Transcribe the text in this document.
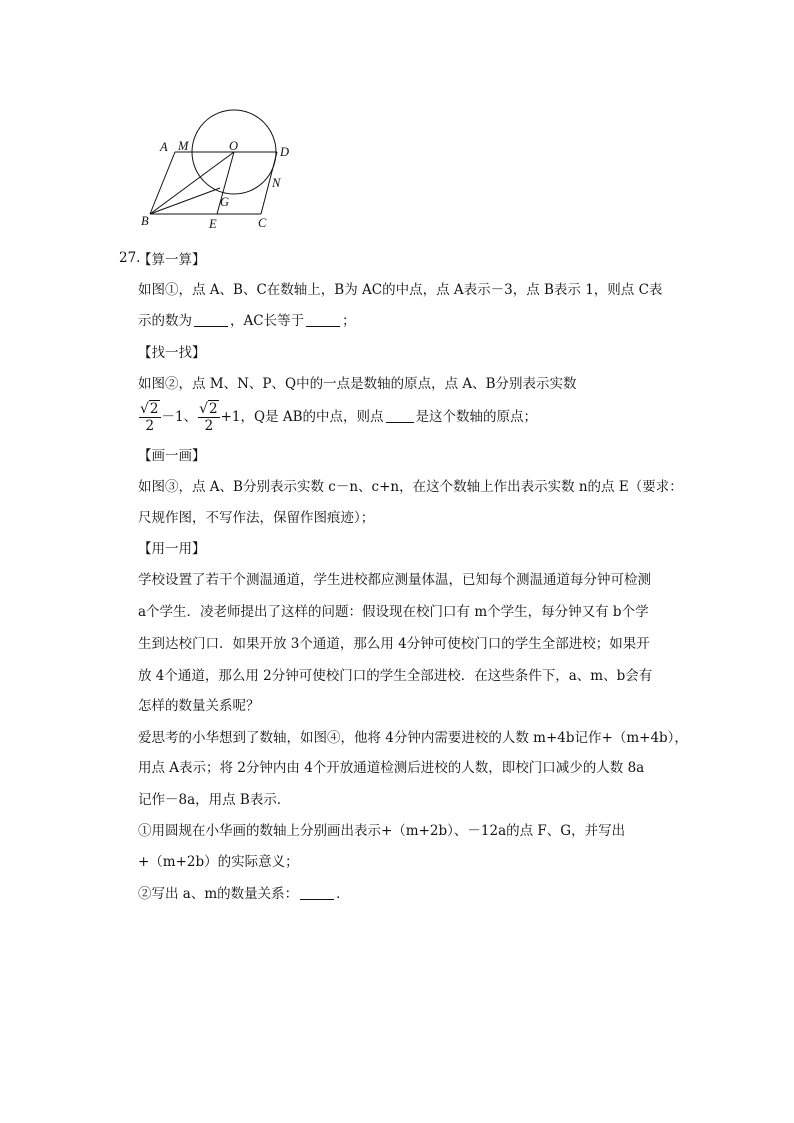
A M	O	D
N
B
G
E	C
27.
【算一算】
如图①，点 A、B、C在数轴上，B为 AC的中点，点 A表示－3，点 B表示 1，则点 C表
示的数为	，AC长等于	；
【找一找】
如图②，点 M、N、P、Q中的一点是数轴的原点，点 A、B分别表示实数
$\frac{√2}{2} -1$、 $\frac{√2}{2} +1$，Q是 AB的中点，则点 是这个数轴的原点；
【画一画】
如图③，点 A、B分别表示实数 c－n、c+n，在这个数轴上作出表示实数 n的点 E（要求：
尺规作图，不写作法，保留作图痕迹）；
【用一用】
学校设置了若干个测温通道，学生进校都应测量体温，已知每个测温通道每分钟可检测
a个学生．凌老师提出了这样的问题：假设现在校门口有 m个学生，每分钟又有 b个学
生到达校门口．如果开放 3个通道，那么用 4分钟可使校门口的学生全部进校；如果开
放 4个通道，那么用 2分钟可使校门口的学生全部进校．在这些条件下，a、m、b会有
怎样的数量关系呢？
爱思考的小华想到了数轴，如图④，他将 4分钟内需要进校的人数 m+4b记作+（m+4b），
用点 A表示；将 2分钟内由 4个开放通道检测后进校的人数，即校门口减少的人数 8a
记作－8a，用点 B表示．
①用圆规在小华画的数轴上分别画出表示+（m+2b）、－12a的点 F、G，并写出
+（m+2b）的实际意义；
②写出 a、m的数量关系：	．
